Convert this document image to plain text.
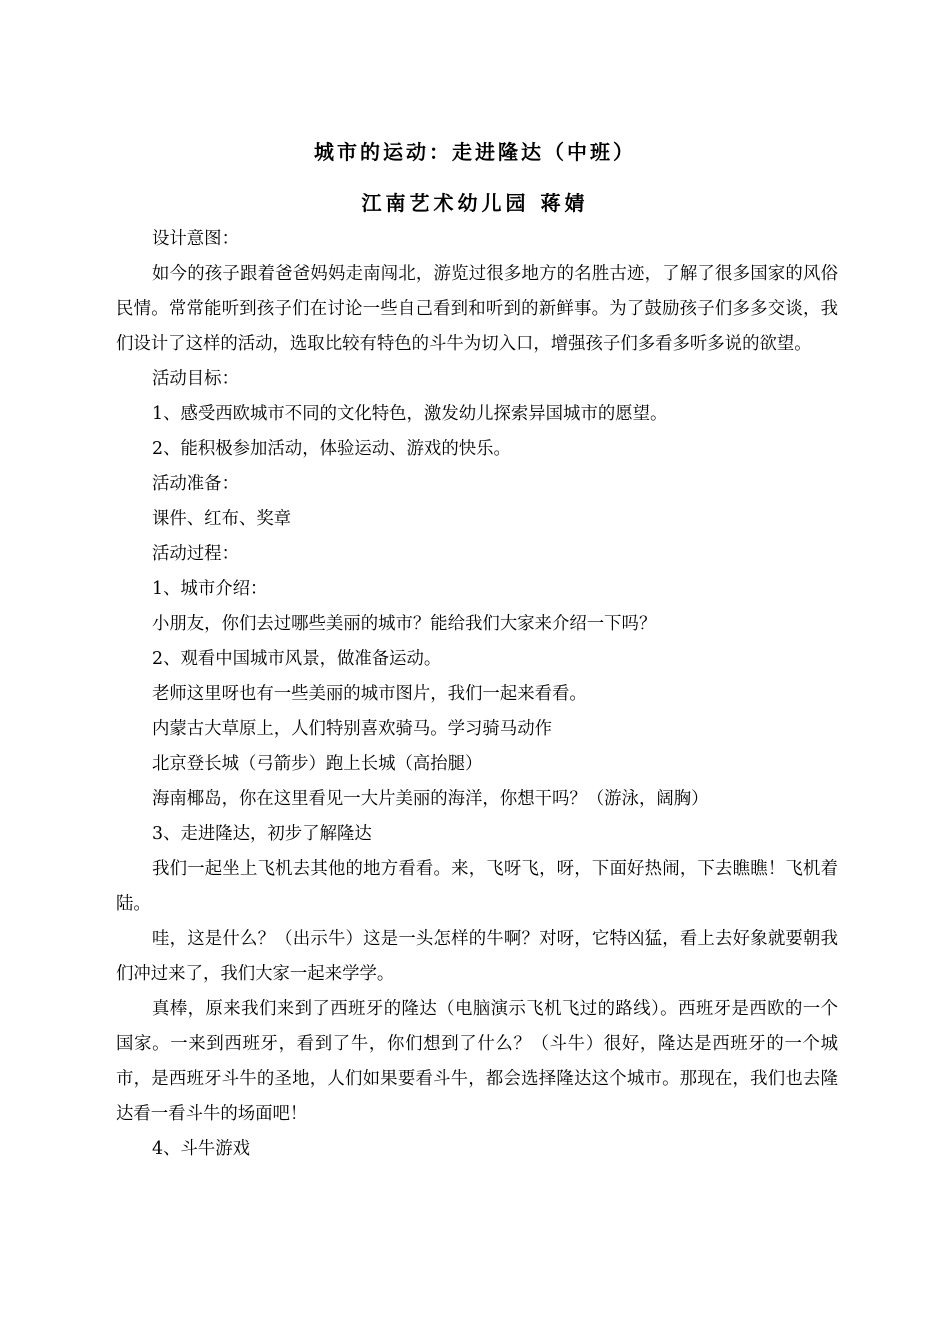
城市的运动：走进隆达（中班）
江南艺术幼儿园 蒋婧

设计意图：

如今的孩子跟着爸爸妈妈走南闯北，游览过很多地方的名胜古迹，了解了很多国家的风俗民情。常常能听到孩子们在讨论一些自己看到和听到的新鲜事。为了鼓励孩子们多多交谈，我们设计了这样的活动，选取比较有特色的斗牛为切入口，增强孩子们多看多听多说的欲望。

活动目标：

1、感受西欧城市不同的文化特色，激发幼儿探索异国城市的愿望。

2、能积极参加活动，体验运动、游戏的快乐。

活动准备：

课件、红布、奖章

活动过程：

1、城市介绍：

小朋友，你们去过哪些美丽的城市？能给我们大家来介绍一下吗？

2、观看中国城市风景，做准备运动。

老师这里呀也有一些美丽的城市图片，我们一起来看看。

内蒙古大草原上，人们特别喜欢骑马。学习骑马动作

北京登长城（弓箭步）跑上长城（高抬腿）

海南椰岛，你在这里看见一大片美丽的海洋，你想干吗？（游泳，阔胸）

3、走进隆达，初步了解隆达

我们一起坐上飞机去其他的地方看看。来，飞呀飞，呀，下面好热闹，下去瞧瞧！飞机着陆。

哇，这是什么？（出示牛）这是一头怎样的牛啊？对呀，它特凶猛，看上去好象就要朝我们冲过来了，我们大家一起来学学。

真棒，原来我们来到了西班牙的隆达（电脑演示飞机飞过的路线）。西班牙是西欧的一个国家。一来到西班牙，看到了牛，你们想到了什么？（斗牛）很好，隆达是西班牙的一个城市，是西班牙斗牛的圣地，人们如果要看斗牛，都会选择隆达这个城市。那现在，我们也去隆达看一看斗牛的场面吧！

4、斗牛游戏
